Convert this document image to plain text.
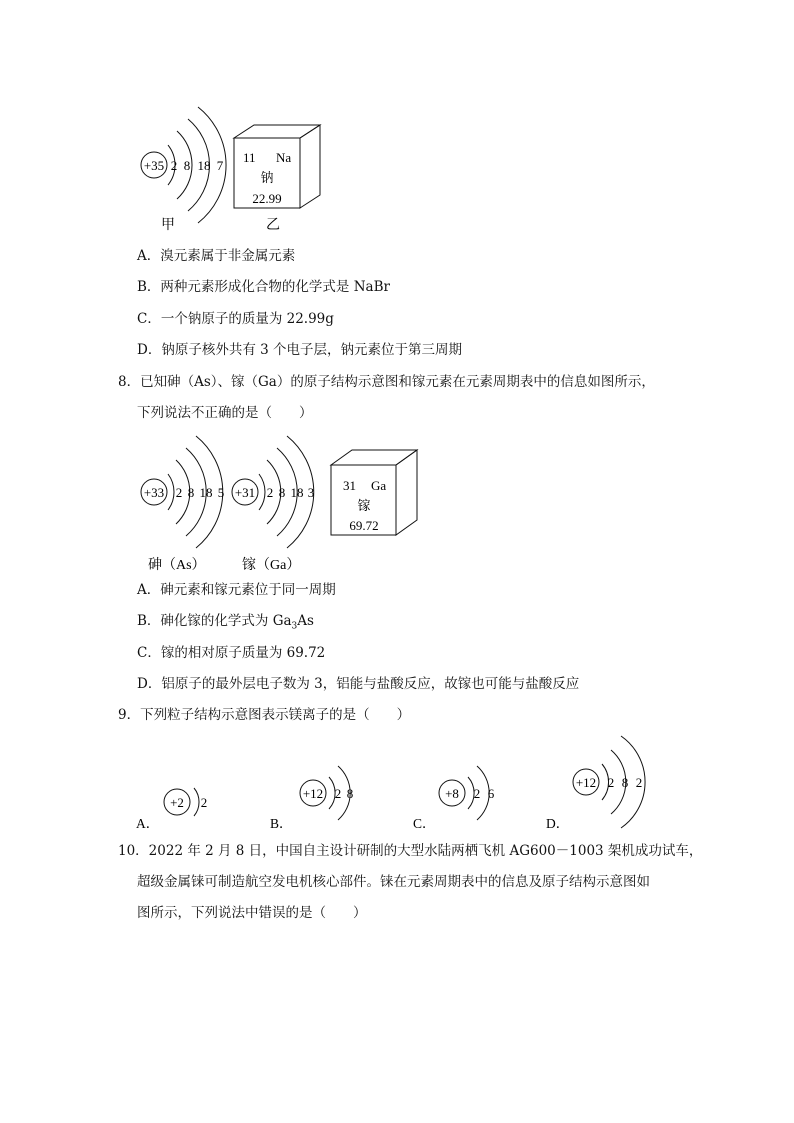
+35 2 8 18 7
甲
11 Na
钠
22.99
乙
A．溴元素属于非金属元素
B．两种元素形成化合物的化学式是 NaBr
C．一个钠原子的质量为 22.99g
D．钠原子核外共有 3 个电子层，钠元素位于第三周期
8．已知砷（As）、镓（Ga）的原子结构示意图和镓元素在元素周期表中的信息如图所示，
下列说法不正确的是（　　）
+33 2 8 18 5 +31 2 8 18 3 31 Ga
镓
69.72
砷（As）	镓（Ga）
A．砷元素和镓元素位于同一周期
B．砷化镓的化学式为 $Ga_3As$
C．镓的相对原子质量为 69.72
D．铝原子的最外层电子数为 3，铝能与盐酸反应，故镓也可能与盐酸反应
9．下列粒子结构示意图表示镁离子的是（　　）
A．
+2 2
B．
+12 2 8
C．
+8 2 6
D．
+12 2 8 2
10．2022 年 2 月 8 日，中国自主设计研制的大型水陆两栖飞机 AG600－1003 架机成功试车，
超级金属铼可制造航空发电机核心部件。铼在元素周期表中的信息及原子结构示意图如
图所示，下列说法中错误的是（　　）
